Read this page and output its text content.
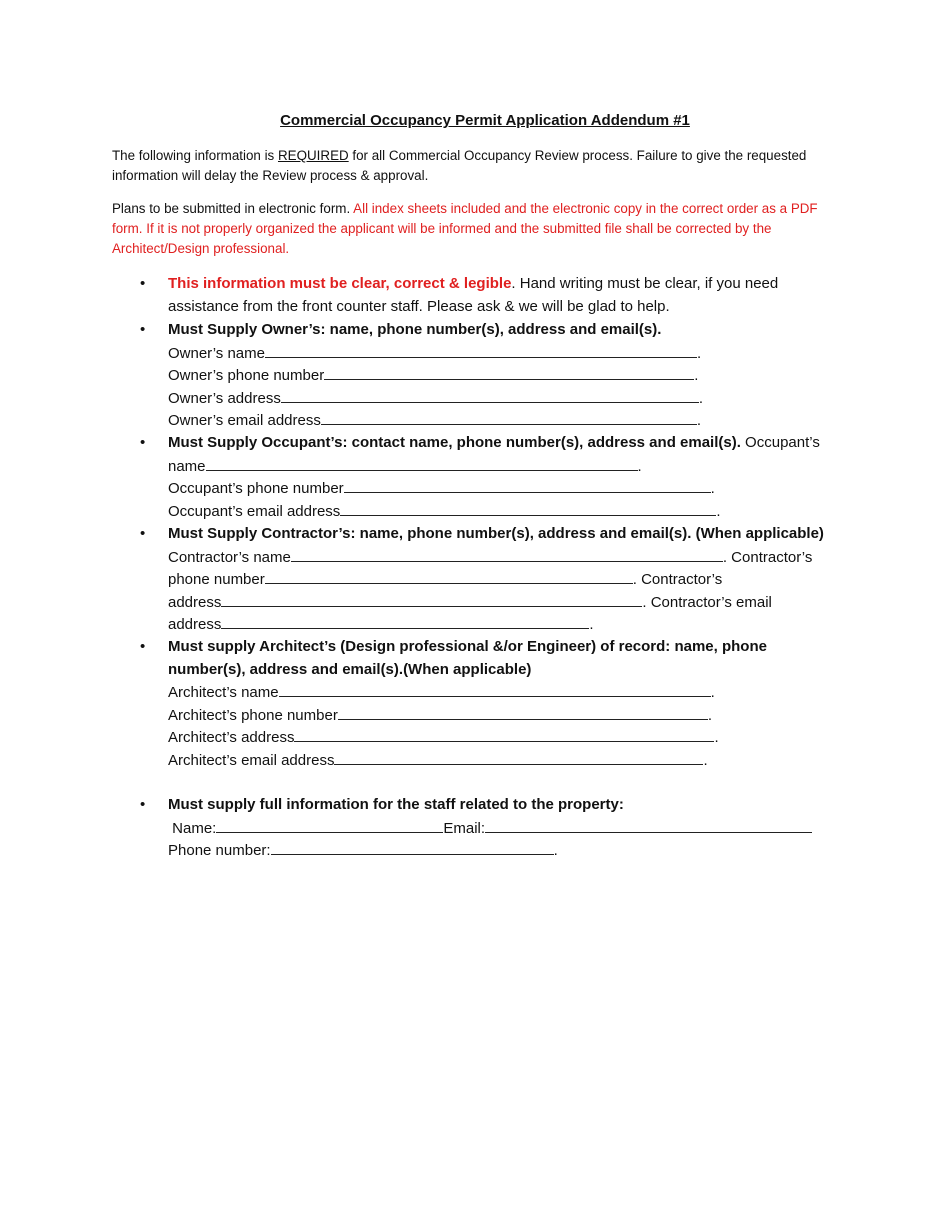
Commercial Occupancy Permit Application Addendum #1
The following information is REQUIRED for all Commercial Occupancy Review process. Failure to give the requested information will delay the Review process & approval.
Plans to be submitted in electronic form. All index sheets included and the electronic copy in the correct order as a PDF form. If it is not properly organized the applicant will be informed and the submitted file shall be corrected by the Architect/Design professional.
• This information must be clear, correct & legible. Hand writing must be clear, if you need
assistance from the front counter staff. Please ask & we will be glad to help.
• Must Supply Owner’s: name, phone number(s), address and email(s).
Owner’s name	.
Owner’s phone number	.
Owner’s address	.
Owner’s email address	.
• Must Supply Occupant’s: contact name, phone number(s), address and email(s). Occupant’s
name	.
Occupant’s phone number	.
Occupant’s email address	.
• Must Supply Contractor’s: name, phone number(s), address and email(s). (When applicable)
Contractor’s name	. Contractor’s
phone number	. Contractor’s
address	. Contractor’s email
address	.
• Must supply Architect’s (Design professional &/or Engineer) of record: name, phone
number(s), address and email(s).(When applicable)
Architect’s name	.
Architect’s phone number	.
Architect’s address	.
Architect’s email address	.
• Must supply full information for the staff related to the property:
Name:	Email:
Phone number:	.
